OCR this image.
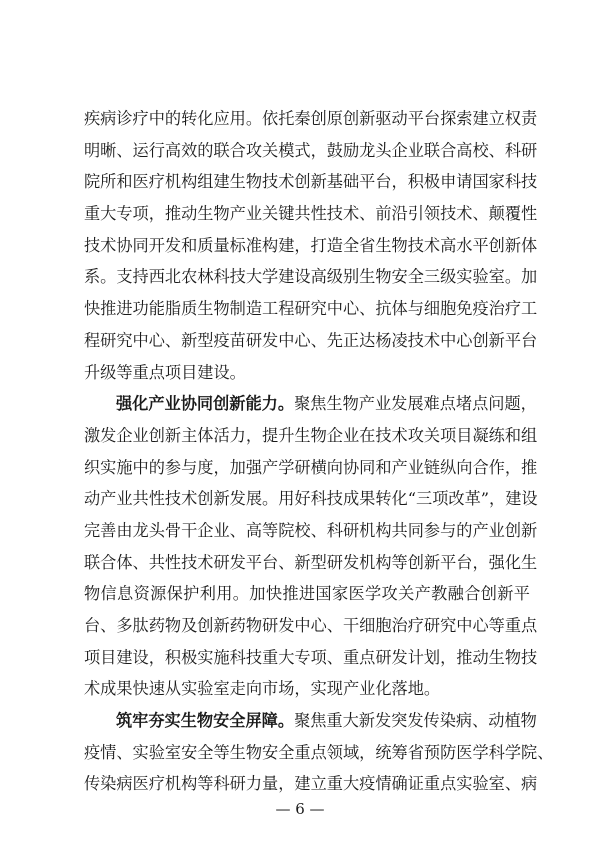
疾病诊疗中的转化应用。依托秦创原创新驱动平台探索建立权责
明晰、运行高效的联合攻关模式，鼓励龙头企业联合高校、科研
院所和医疗机构组建生物技术创新基础平台，积极申请国家科技
重大专项，推动生物产业关键共性技术、前沿引领技术、颠覆性
技术协同开发和质量标准构建，打造全省生物技术高水平创新体
系。支持西北农林科技大学建设高级别生物安全三级实验室。加
快推进功能脂质生物制造工程研究中心、抗体与细胞免疫治疗工
程研究中心、新型疫苗研发中心、先正达杨凌技术中心创新平台
升级等重点项目建设。
强化产业协同创新能力。聚焦生物产业发展难点堵点问题，
激发企业创新主体活力，提升生物企业在技术攻关项目凝练和组
织实施中的参与度，加强产学研横向协同和产业链纵向合作，推
动产业共性技术创新发展。用好科技成果转化“三项改革”，建设
完善由龙头骨干企业、高等院校、科研机构共同参与的产业创新
联合体、共性技术研发平台、新型研发机构等创新平台，强化生
物信息资源保护利用。加快推进国家医学攻关产教融合创新平
台、多肽药物及创新药物研发中心、干细胞治疗研究中心等重点
项目建设，积极实施科技重大专项、重点研发计划，推动生物技
术成果快速从实验室走向市场，实现产业化落地。
筑牢夯实生物安全屏障。聚焦重大新发突发传染病、动植物
疫情、实验室安全等生物安全重点领域，统筹省预防医学科学院、
传染病医疗机构等科研力量，建立重大疫情确证重点实验室、病
— 6 —
